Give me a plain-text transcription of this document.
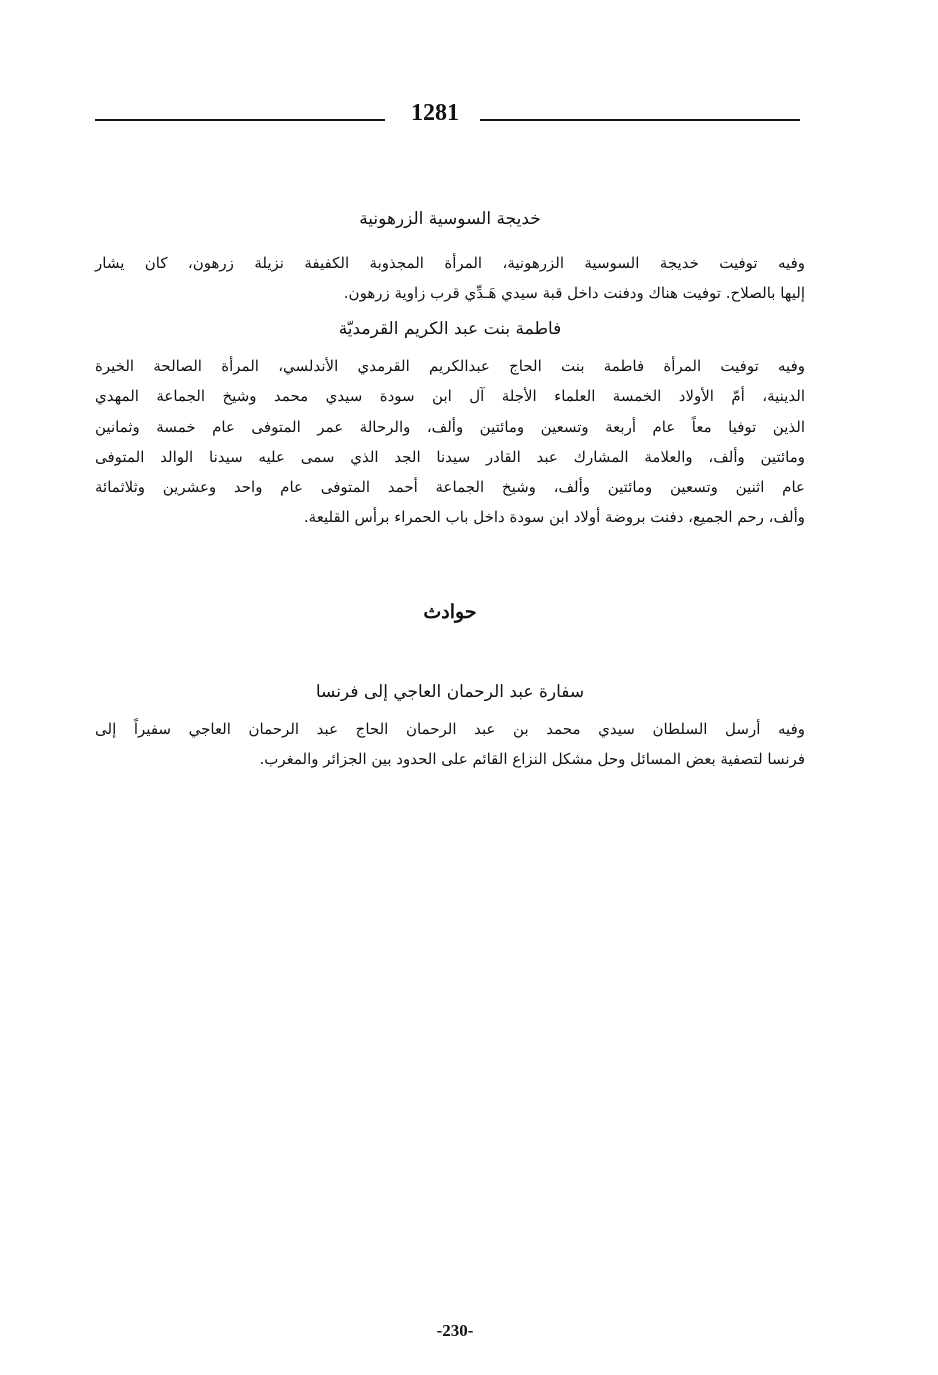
1281
خديجة السوسية الزرهونية

وفيه توفيت خديجة السوسية الزرهونية، المرأة المجذوبة الكفيفة نزيلة زرهون، كان يشار
إليها بالصلاح. توفيت هناك ودفنت داخل قبة سيدي هَـدِّي قرب زاوية زرهون.

فاطمة بنت عبد الكريم القرمديّة

وفيه توفيت المرأة فاطمة بنت الحاج عبدالكريم القرمدي الأندلسي، المرأة الصالحة الخيرة
الدينية، أمّ الأولاد الخمسة العلماء الأجلة آل ابن سودة سيدي محمد وشيخ الجماعة المهدي
الذين توفيا معاً عام أربعة وتسعين ومائتين وألف، والرحالة عمر المتوفى عام خمسة وثمانين
ومائتين وألف، والعلامة المشارك عبد القادر سيدنا الجد الذي سمى عليه سيدنا الوالد المتوفى
عام اثنين وتسعين ومائتين وألف، وشيخ الجماعة أحمد المتوفى عام واحد وعشرين وثلاثمائة
وألف، رحم الجميع، دفنت بروضة أولاد ابن سودة داخل باب الحمراء برأس القليعة.

حوادث
سفارة عبد الرحمان العاجي إلى فرنسا

وفيه أرسل السلطان سيدي محمد بن عبد الرحمان الحاج عبد الرحمان العاجي سفيراً إلى
فرنسا لتصفية بعض المسائل وحل مشكل النزاع القائم على الحدود بين الجزائر والمغرب.

-230-
